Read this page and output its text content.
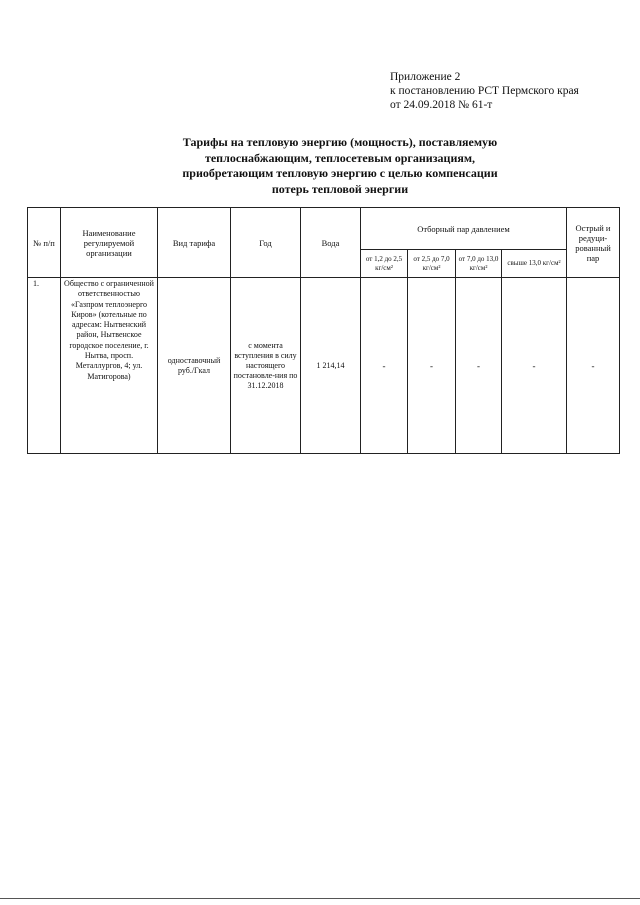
Приложение 2
к постановлению РСТ Пермского края
от 24.09.2018 № 61-т
Тарифы на тепловую энергию (мощность), поставляемую
теплоснабжающим, теплосетевым организациям,
приобретающим тепловую энергию с целью компенсации
потерь тепловой энергии
№ п/п	Наименование регулируемой организации	Вид тарифа	Год	Вода	Отборный пар давлением				Острый и редуци-рованный пар
					от 1,2 до 2,5 кг/см²	от 2,5 до 7,0 кг/см²	от 7,0 до 13,0 кг/см²	свыше 13,0 кг/см²	
1.	Общество с ограниченной ответственностью «Газпром теплоэнерго Киров» (котельные по адресам: Нытвенский район, Нытвенское городское поселение, г. Нытва, просп. Металлургов, 4; ул. Матигорова)	одноставочный руб./Гкал	с момента вступления в силу настоящего постановле-ния по 31.12.2018	1 214,14	-	-	-	-	-
